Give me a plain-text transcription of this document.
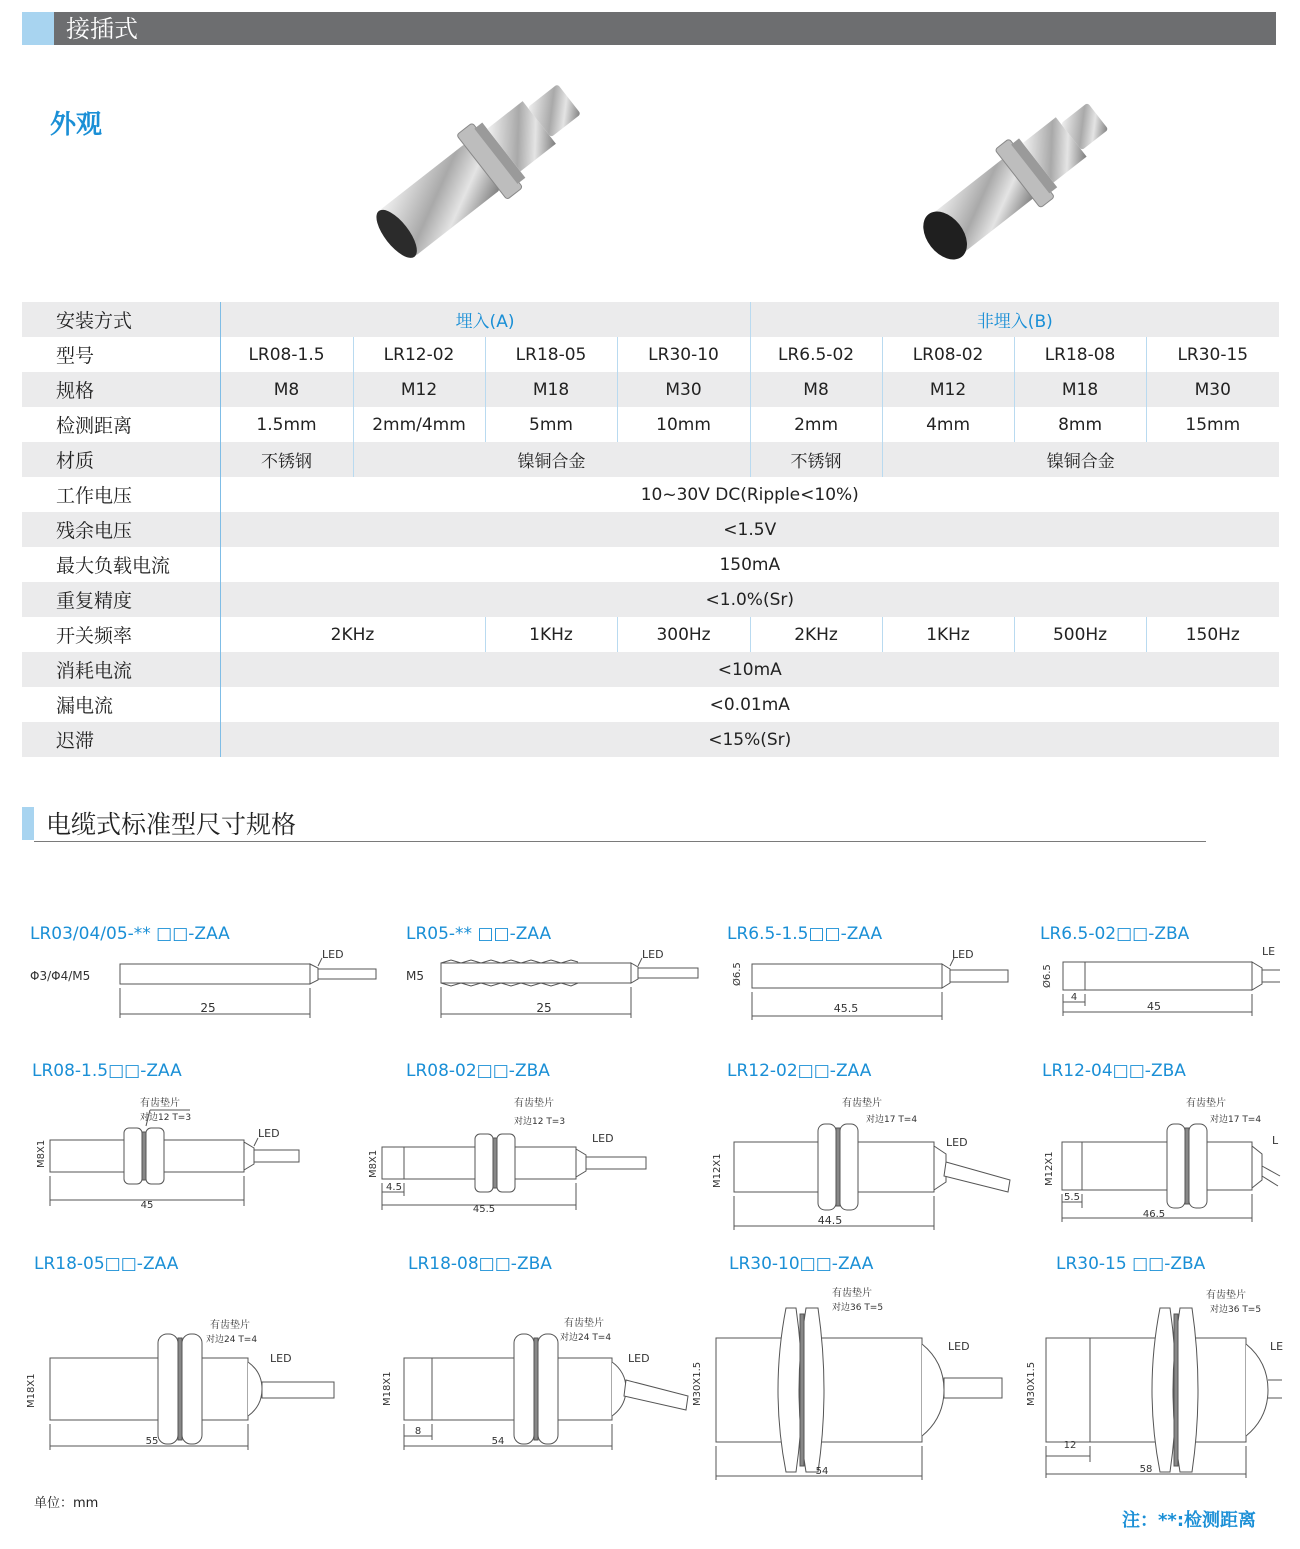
接插式
外观
安装方式	埋入(A)				非埋入(B)			
型号	LR08-1.5	LR12-02	LR18-05	LR30-10	LR6.5-02	LR08-02	LR18-08	LR30-15
规格	M8	M12	M18	M30	M8	M12	M18	M30
检测距离	1.5mm	2mm/4mm	5mm	10mm	2mm	4mm	8mm	15mm
材质	不锈钢	镍铜合金			不锈钢	镍铜合金		
工作电压	10~30V DC(Ripple<10%)							
残余电压	<1.5V							
最大负载电流	150mA							
重复精度	<1.0%(Sr)							
开关频率	2KHz		1KHz	300Hz	2KHz	1KHz	500Hz	150Hz
消耗电流	<10mA							
漏电流	<0.01mA							
迟滞	<15%(Sr)							
电缆式标准型尺寸规格
LR03/04/05-** □□-ZAA	LR05-** □□-ZAA	LR6.5-1.5□□-ZAA	LR6.5-02□□-ZBA
LR08-1.5□□-ZAA	LR08-02□□-ZBA	LR12-02□□-ZAA	LR12-04□□-ZBA
LR18-05□□-ZAA	LR18-08□□-ZBA	LR30-10□□-ZAA	LR30-15 □□-ZBA
Φ3/Φ4/M5
25
LED
M5
25
LED
Ø6.5
45.5
LED
Ø6.5
4
45
LE
M8X1
45
有齿垫片
对边12 T=3
LED
M8X1
4.5
45.5
有齿垫片
对边12 T=3
LED
M12X1
44.5
有齿垫片
对边17 T=4
LED
M12X1
5.5
46.5
有齿垫片
对边17 T=4
L
M18X1
55
有齿垫片
对边24 T=4
LED
M18X1
8
54
有齿垫片
对边24 T=4
LED
M30X1.5
54
有齿垫片
对边36 T=5
LED
M30X1.5
12
58
有齿垫片
对边36 T=5
LE
单位：mm
注：**:检测距离
